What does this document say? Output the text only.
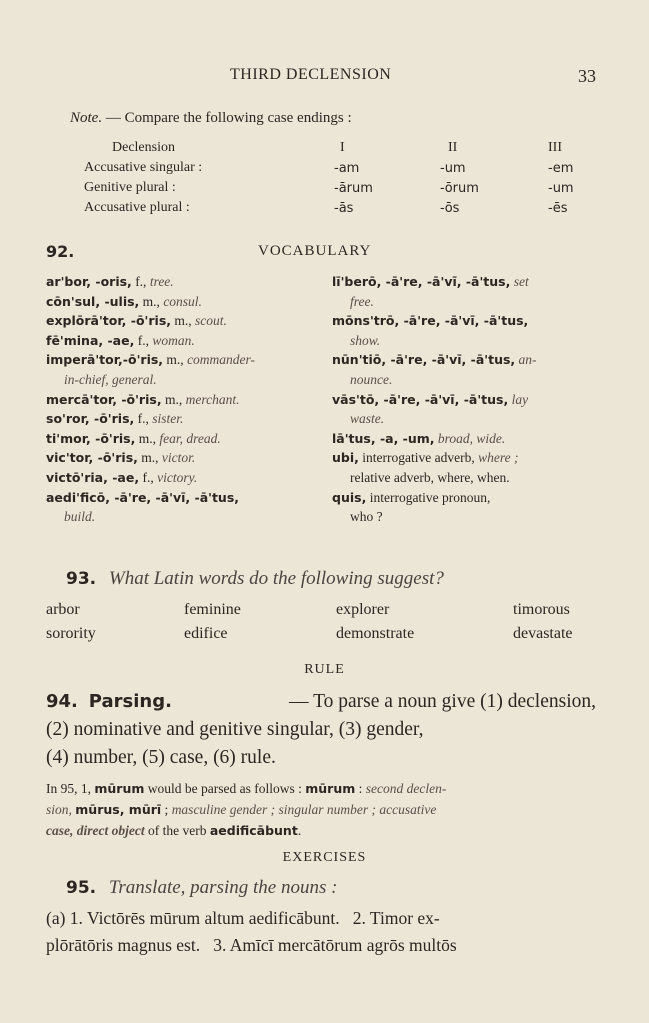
THIRD DECLENSION	33
Note. — Compare the following case endings :
Declension	I	II	III
Accusative singular :	-am	-um	-em
Genitive plural :	-ārum	-ōrum	-um
Accusative plural :	-ās	-ōs	-ēs
92.	VOCABULARY
ar'bor, -oris, f., tree.
cōn'sul, -ulis, m., consul.
explōrā'tor, -ō'ris, m., scout.
fē'mina, -ae, f., woman.
imperā'tor,-ō'ris, m., commander-
in-chief, general.
mercā'tor, -ō'ris, m., merchant.
so'ror, -ō'ris, f., sister.
ti'mor, -ō'ris, m., fear, dread.
vic'tor, -ō'ris, m., victor.
victō'ria, -ae, f., victory.
aedi'ficō, -ā're, -ā'vī, -ā'tus,
build.
lī'berō, -ā're, -ā'vī, -ā'tus, set
free.
mōns'trō, -ā're, -ā'vī, -ā'tus,
show.
nūn'tiō, -ā're, -ā'vī, -ā'tus, an-
nounce.
vās'tō, -ā're, -ā'vī, -ā'tus, lay
waste.
lā'tus, -a, -um, broad, wide.
ubi, interrogative adverb, where ;
relative adverb, where, when.
quis, interrogative pronoun,
who ?
93. What Latin words do the following suggest?
arbor	feminine	explorer	timorous
sorority	edifice	demonstrate	devastate
RULE
94. Parsing.	— To parse a noun give (1) declension,
(2) nominative and genitive singular, (3) gender,
(4) number, (5) case, (6) rule.
In 95, 1, mūrum would be parsed as follows : mūrum : second declen-
sion, mūrus, mūrī ; masculine gender ; singular number ; accusative
case, direct object of the verb aedificābunt.
EXERCISES
95. Translate, parsing the nouns :
(a) 1. Victōrēs mūrum altum aedificābunt.   2. Timor ex-
plōrātōris magnus est.   3. Amīcī mercātōrum agrōs multōs
